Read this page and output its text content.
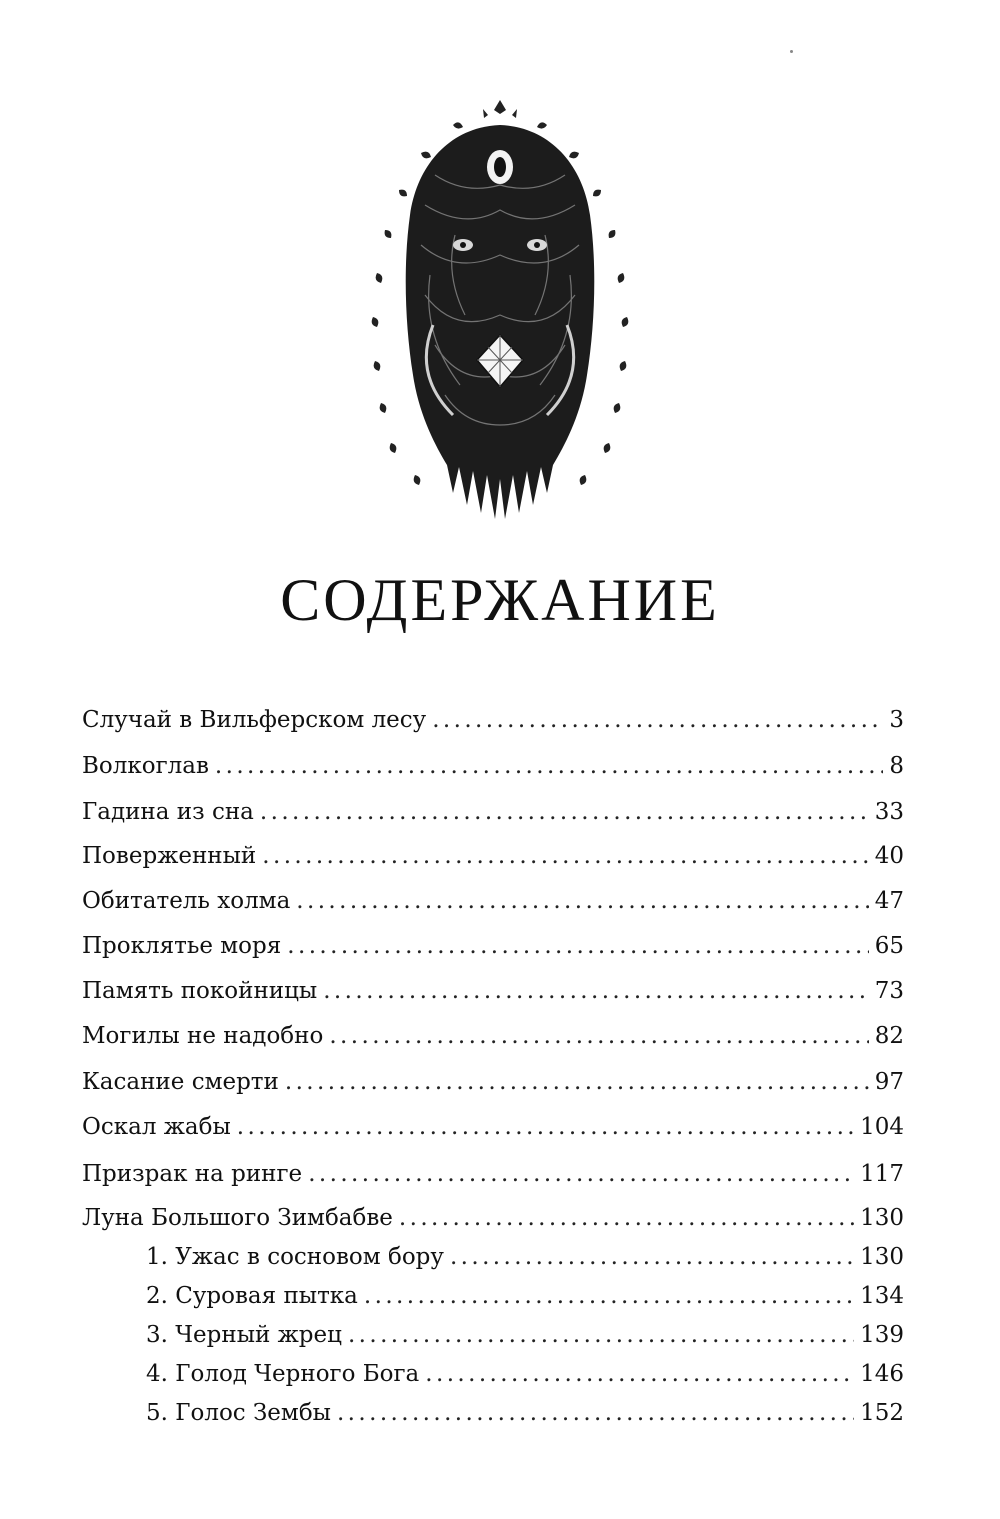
СОДЕРЖАНИЕ
Случай в Вильферском лесу .....	3
Волкоглав .....	8
Гадина из сна .....	33
Поверженный .....	40
Обитатель холма .....	47
Проклятье моря .....	65
Память покойницы .....	73
Могилы не надобно .....	82
Касание смерти .....	97
Оскал жабы .....	104
Призрак на ринге .....	117
Луна Большого Зимбабве .....	130
1. Ужас в сосновом бору .....	130
2. Суровая пытка .....	134
3. Черный жрец .....	139
4. Голод Черного Бога .....	146
5. Голос Зембы .....	152
